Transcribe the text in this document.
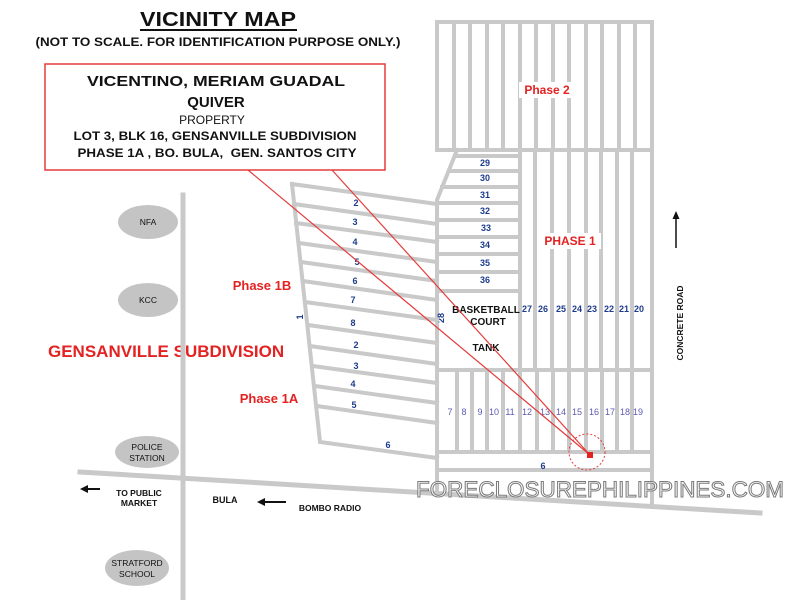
VICINITY MAP
(NOT TO SCALE. FOR IDENTIFICATION PURPOSE ONLY.)
Phase 2
PHASE 1
29
30
31
32
33
34
35
36
27 26 25 24 23 22 21 20
28
BASKETBALL
COURT
TANK
7 8 9 10 11 12 13 14 15 16 17 18 19
6
2
3
4
5
6
7
8
1
2
3
4
5
6
Phase 1B
Phase 1A
GENSANVILLE SUBDIVISION
NFA
KCC
POLICE
STATION
STRATFORD
SCHOOL
TO PUBLIC
MARKET	BULA
BOMBO RADIO
CONCRETE ROAD
VICENTINO, MERIAM GUADAL
QUIVER
PROPERTY
LOT 3, BLK 16, GENSANVILLE SUBDIVISION
PHASE 1A , BO. BULA,  GEN. SANTOS CITY
FORECLOSUREPHILIPPINES.COM
